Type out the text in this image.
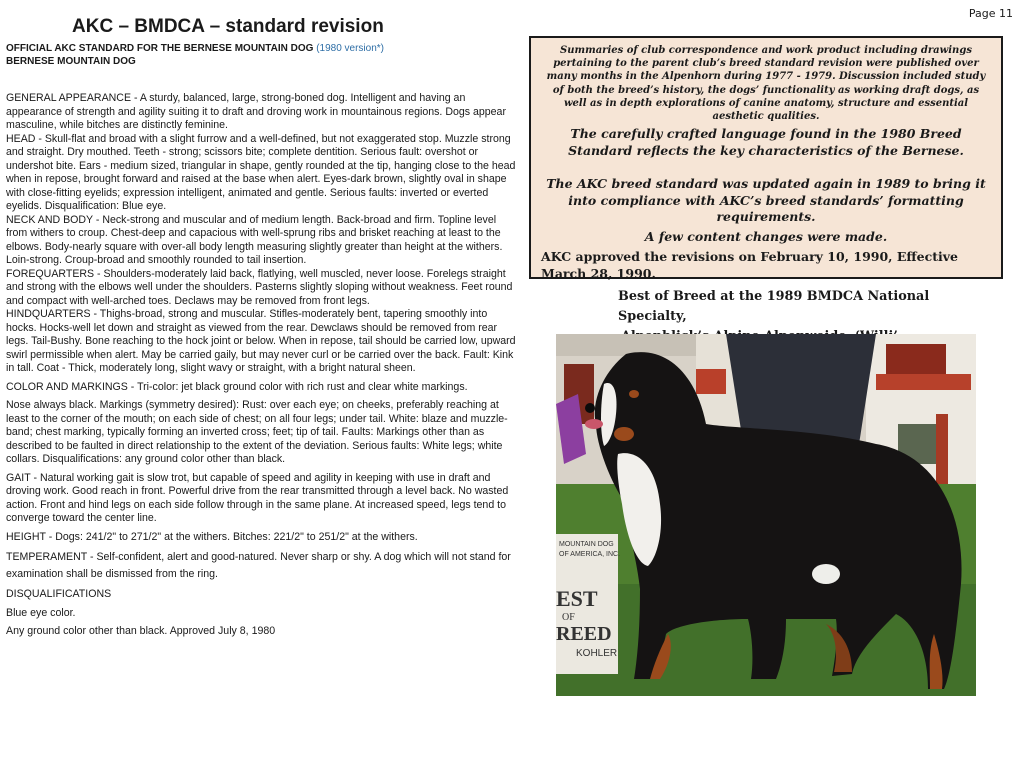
Page 11
AKC – BMDCA – standard revision
OFFICIAL AKC STANDARD FOR THE BERNESE MOUNTAIN DOG (1980 version*)
BERNESE MOUNTAIN DOG

GENERAL APPEARANCE - A sturdy, balanced, large, strong-boned dog. Intelligent and having an appearance of strength and agility suiting it to draft and droving work in mountainous regions. Dogs appear masculine, while bitches are distinctly feminine.

HEAD - Skull-flat and broad with a slight furrow and a well-defined, but not exaggerated stop. Muzzle strong and straight. Dry mouthed. Teeth - strong; scissors bite; complete dentition. Serious fault: overshot or undershot bite. Ears - medium sized, triangular in shape, gently rounded at the tip, hanging close to the head when in repose, brought forward and raised at the base when alert. Eyes-dark brown, slightly oval in shape with close-fitting eyelids; expression intelligent, animated and gentle. Serious faults: inverted or everted eyelids. Disqualification: Blue eye.

NECK AND BODY - Neck-strong and muscular and of medium length. Back-broad and firm. Topline level from withers to croup. Chest-deep and capacious with well-sprung ribs and brisket reaching at least to the elbows. Body-nearly square with over-all body length measuring slightly greater than height at the withers. Loin-strong. Croup-broad and smoothly rounded to tail insertion.

FOREQUARTERS - Shoulders-moderately laid back, flatlying, well muscled, never loose. Forelegs straight and strong with the elbows well under the shoulders. Pasterns slightly sloping without weakness. Feet round and compact with well-arched toes. Declaws may be removed from front legs.

HINDQUARTERS - Thighs-broad, strong and muscular. Stifles-moderately bent, tapering smoothly into hocks. Hocks-well let down and straight as viewed from the rear. Dewclaws should be removed from rear legs. Tail-Bushy. Bone reaching to the hock joint or below. When in repose, tail should be carried low, upward swirl permissible when alert. May be carried gaily, but may never curl or be carried over the back. Fault: Kink in tall. Coat - Thick, moderately long, slight wavy or straight, with a bright natural sheen.

COLOR AND MARKINGS - Tri-color: jet black ground color with rich rust and clear white markings.

Nose always black. Markings (symmetry desired): Rust: over each eye; on cheeks, preferably reaching at least to the corner of the mouth; on each side of chest; on all four legs; under tail. White: blaze and muzzle-band; chest marking, typically forming an inverted cross; feet; tip of tail. Faults: Markings other than as described to be faulted in direct relationship to the extent of the deviation. Serious faults: White legs; white collars. Disqualifications: any ground color other than black.

GAIT - Natural working gait is slow trot, but capable of speed and agility in keeping with use in draft and droving work. Good reach in front. Powerful drive from the rear transmitted through a level back. No wasted action. Front and hind legs on each side follow through in the same plane. At increased speed, legs tend to converge toward the center line.

HEIGHT - Dogs: 241/2" to 271/2" at the withers. Bitches: 221/2" to 251/2" at the withers.

TEMPERAMENT - Self-confident, alert and good-natured. Never sharp or shy. A dog which will not stand for examination shall be dismissed from the ring.

DISQUALIFICATIONS

Blue eye color.

Any ground color other than black. Approved July 8, 1980

Summaries of club correspondence and work product including drawings pertaining to the parent club’s breed standard revision were published over many months in the Alpenhorn during 1977 - 1979. Discussion included study of both the breed’s history, the dogs’ functionality as working draft dogs, as well as in depth explorations of canine anatomy, structure and essential aesthetic qualities.
The carefully crafted language found in the 1980 Breed Standard reflects the key characteristics of the Bernese.
The AKC breed standard was updated again in 1989 to bring it into compliance with AKC’s breed standards’ formatting requirements.
A few content changes were made.
AKC approved the revisions on February 10, 1990, Effective March 28, 1990.
Best of Breed at the 1989 BMDCA National Specialty,
MOUNTAIN DOG
OF AMERICA, INC.
EST
OF
REED
KOHLER
